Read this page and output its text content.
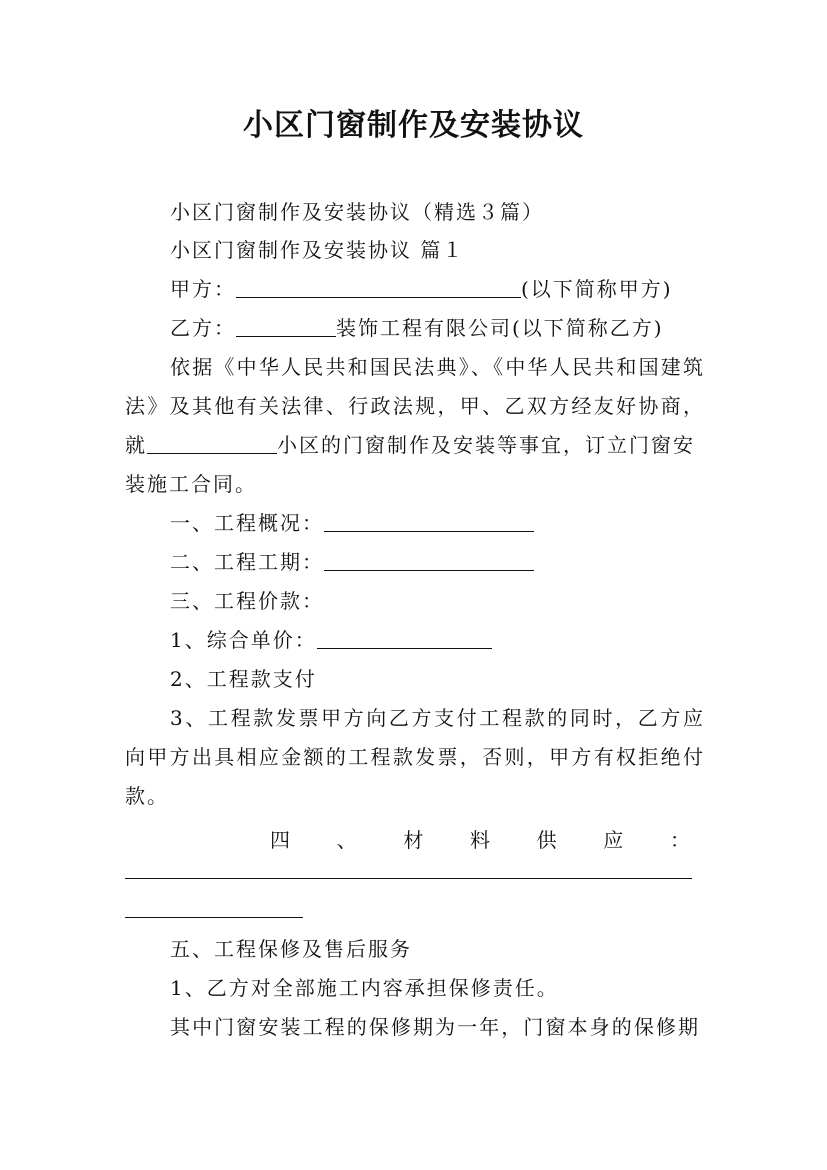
小区门窗制作及安装协议
小区门窗制作及安装协议（精选３篇）
小区门窗制作及安装协议 篇１
甲方：	(以下简称甲方)
乙方：	装饰工程有限公司(以下简称乙方)
依据《中华人民共和国民法典》、《中华人民共和国建筑
法》及其他有关法律、行政法规，甲、乙双方经友好协商，
就	小区的门窗制作及安装等事宜，订立门窗安
装施工合同。
一、工程概况：
二、工程工期：
三、工程价款：
1、综合单价：
2、工程款支付
3、工程款发票甲方向乙方支付工程款的同时，乙方应
向甲方出具相应金额的工程款发票，否则，甲方有权拒绝付
款。
四 、 材 料 供 应 ：
五、工程保修及售后服务
1、乙方对全部施工内容承担保修责任。
其中门窗安装工程的保修期为一年，门窗本身的保修期
